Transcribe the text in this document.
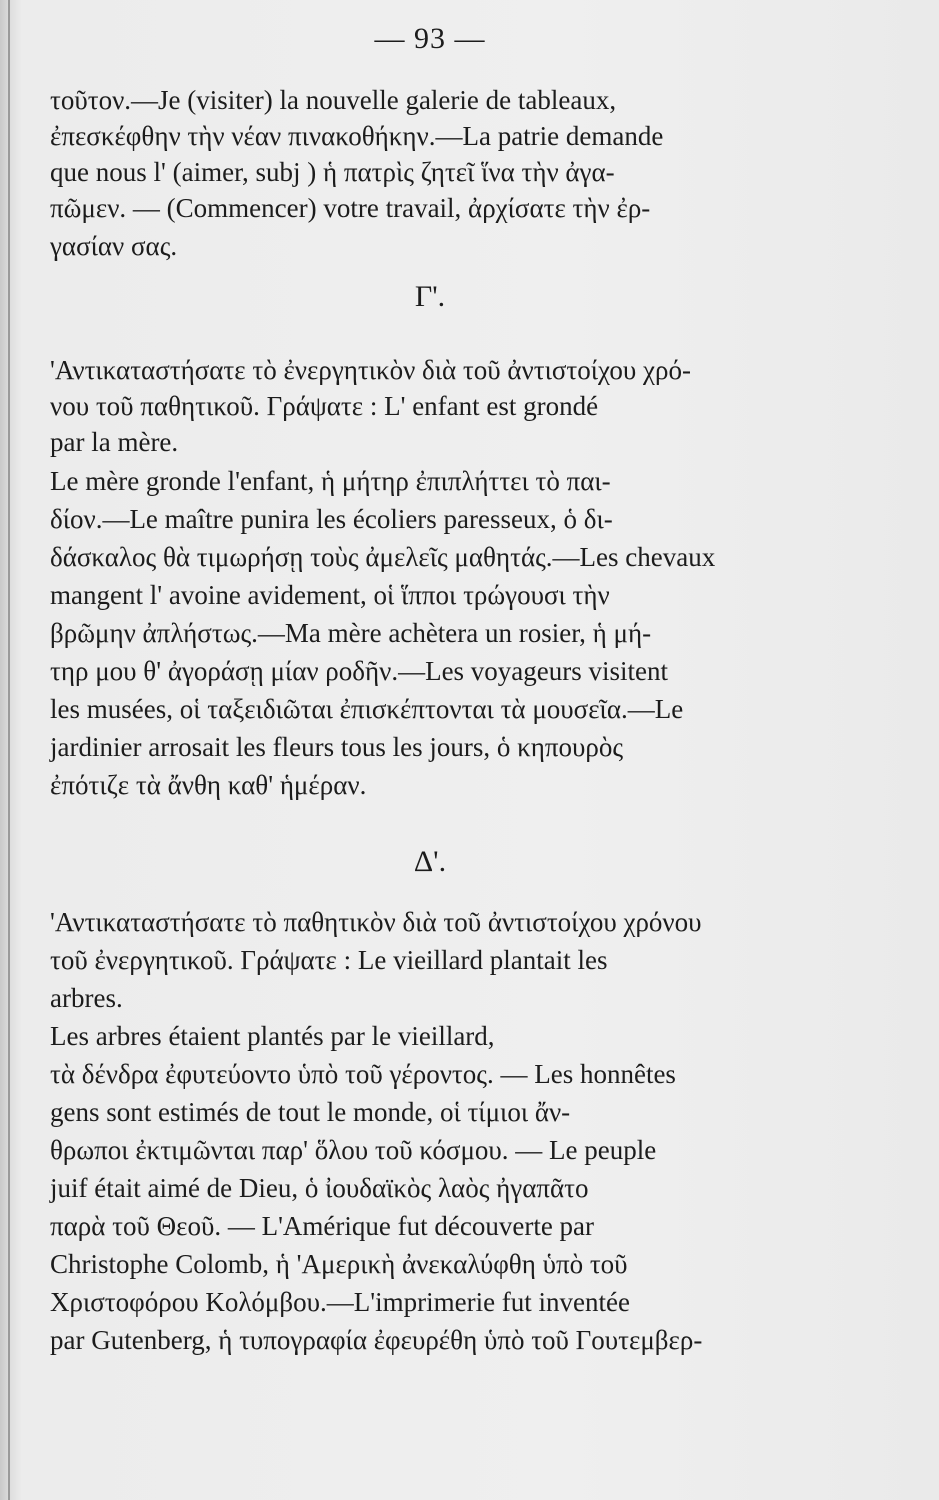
— 93 —
τοῦτον.—Je (visiter) la nouvelle galerie de tableaux,
ἐπεσκέφθην τὴν νέαν πινακοθήκην.—La patrie demande
que nous l' (aimer, subj ) ἡ πατρὶς ζητεῖ ἵνα τὴν ἀγα-
πῶμεν. — (Commencer) votre travail, ἀρχίσατε τὴν ἐρ-
γασίαν σας.
Γ'.
'Αντικαταστήσατε τὸ ἐνεργητικὸν διὰ τοῦ ἀντιστοίχου χρό-
νου τοῦ παθητικοῦ. Γράψατε : L' enfant est grondé
par la mère.
Le mère gronde l'enfant, ἡ μήτηρ ἐπιπλήττει τὸ παι-
δίον.—Le maître punira les écoliers paresseux, ὁ δι-
δάσκαλος θὰ τιμωρήσῃ τοὺς ἀμελεῖς μαθητάς.—Les chevaux
mangent l' avoine avidement, οἱ ἵπποι τρώγουσι τὴν
βρῶμην ἀπλήστως.—Ma mère achètera un rosier, ἡ μή-
τηρ μου θ' ἀγοράσῃ μίαν ροδῆν.—Les voyageurs visitent
les musées, οἱ ταξειδιῶται ἐπισκέπτονται τὰ μουσεῖα.—Le
jardinier arrosait les fleurs tous les jours, ὁ κηπουρὸς
ἐπότιζε τὰ ἄνθη καθ' ἡμέραν.
Δ'.
'Αντικαταστήσατε τὸ παθητικὸν διὰ τοῦ ἀντιστοίχου χρόνου
τοῦ ἐνεργητικοῦ. Γράψατε : Le vieillard plantait les
arbres.
Les arbres étaient plantés par le vieillard,
τὰ δένδρα ἐφυτεύοντο ὑπὸ τοῦ γέροντος. — Les honnêtes
gens sont estimés de tout le monde, οἱ τίμιοι ἄν-
θρωποι ἐκτιμῶνται παρ' ὅλου τοῦ κόσμου. — Le peuple
juif était aimé de Dieu, ὁ ἰουδαϊκὸς λαὸς ἠγαπᾶτο
παρὰ τοῦ Θεοῦ. — L'Amérique fut découverte par
Christophe Colomb, ἡ 'Αμερικὴ ἀνεκαλύφθη ὑπὸ τοῦ
Χριστοφόρου Κολόμβου.—L'imprimerie fut inventée
par Gutenberg, ἡ τυπογραφία ἐφευρέθη ὑπὸ τοῦ Γουτεμβερ-
